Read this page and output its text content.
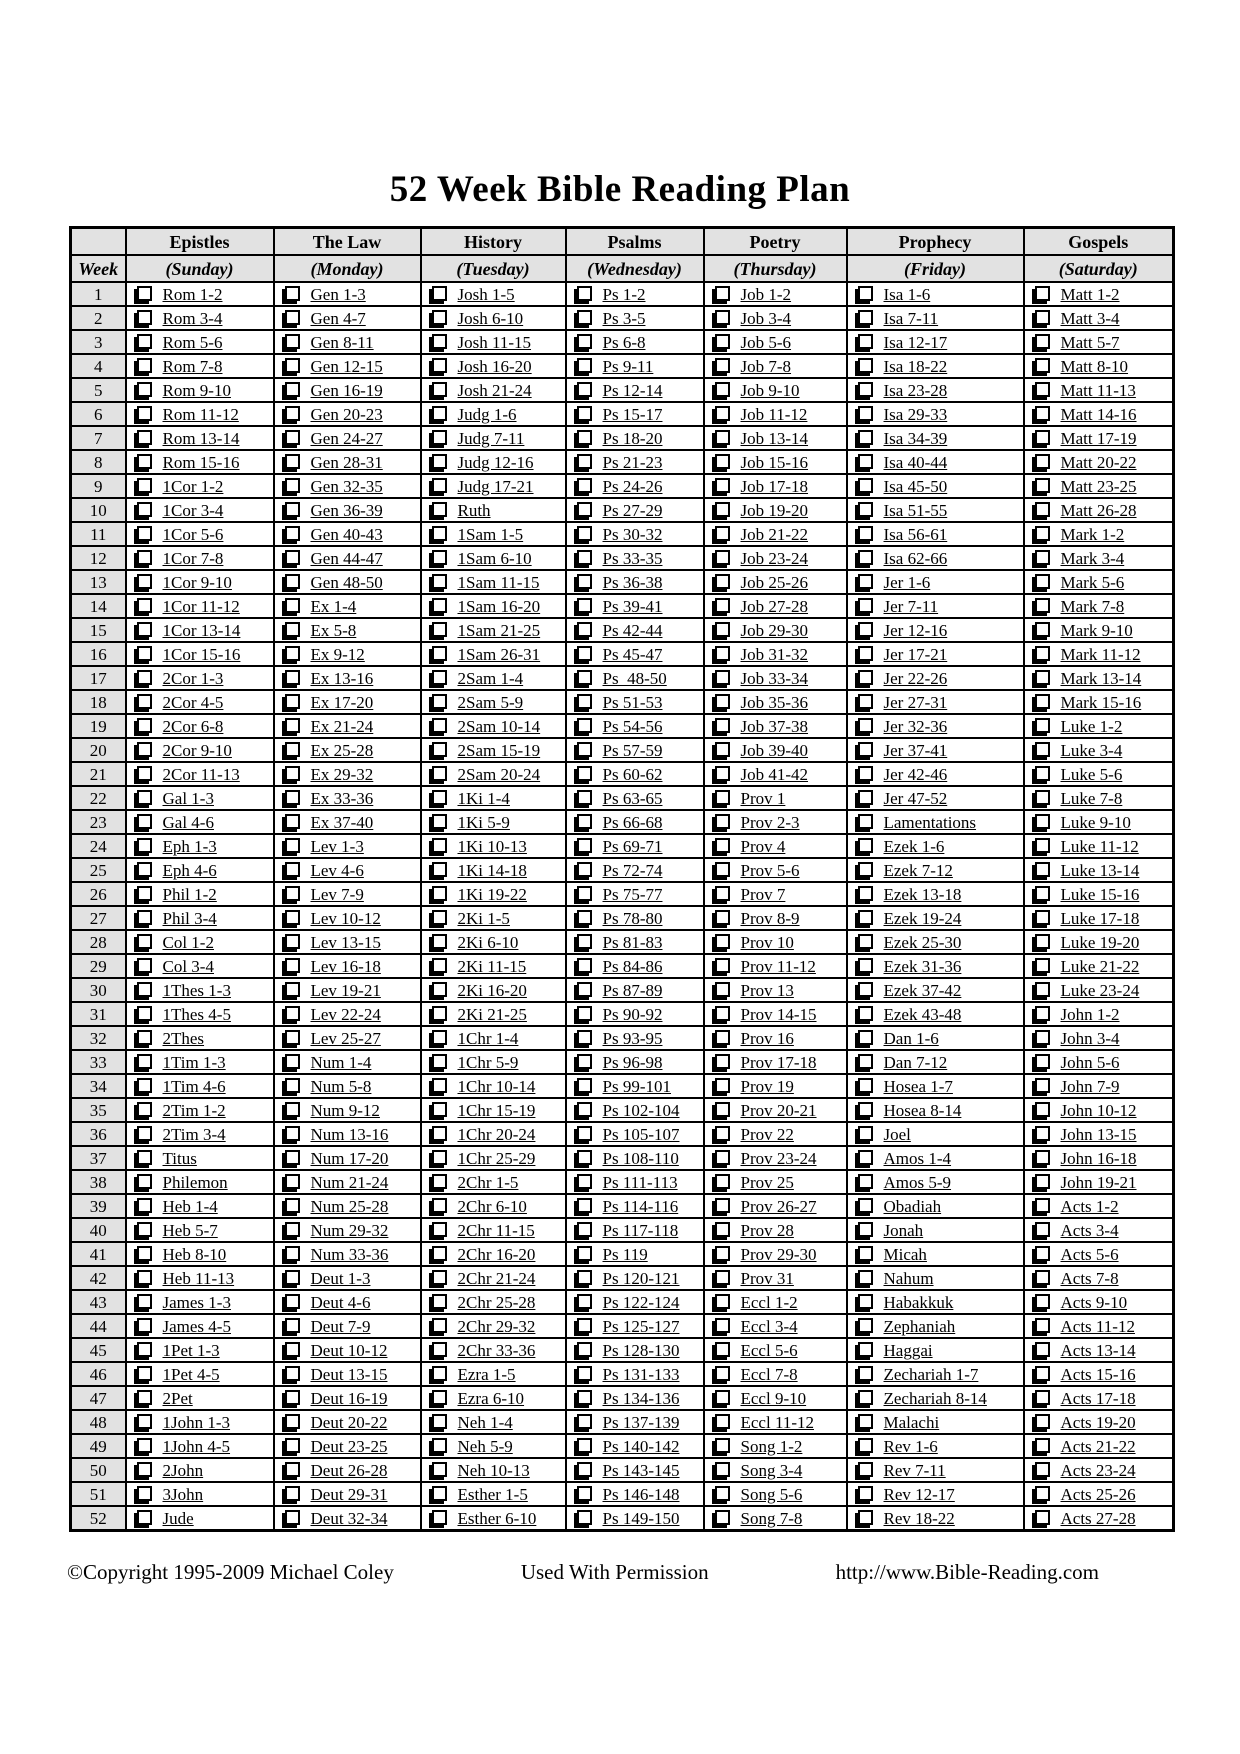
52 Week Bible Reading Plan
	Epistles	The Law	History	Psalms	Poetry	Prophecy	Gospels
Week	(Sunday)	(Monday)	(Tuesday)	(Wednesday)	(Thursday)	(Friday)	(Saturday)
1	Rom 1-2	Gen 1-3	Josh 1-5	Ps 1-2	Job 1-2	Isa 1-6	Matt 1-2
2	Rom 3-4	Gen 4-7	Josh 6-10	Ps 3-5	Job 3-4	Isa 7-11	Matt 3-4
3	Rom 5-6	Gen 8-11	Josh 11-15	Ps 6-8	Job 5-6	Isa 12-17	Matt 5-7
4	Rom 7-8	Gen 12-15	Josh 16-20	Ps 9-11	Job 7-8	Isa 18-22	Matt 8-10
5	Rom 9-10	Gen 16-19	Josh 21-24	Ps 12-14	Job 9-10	Isa 23-28	Matt 11-13
6	Rom 11-12	Gen 20-23	Judg 1-6	Ps 15-17	Job 11-12	Isa 29-33	Matt 14-16
7	Rom 13-14	Gen 24-27	Judg 7-11	Ps 18-20	Job 13-14	Isa 34-39	Matt 17-19
8	Rom 15-16	Gen 28-31	Judg 12-16	Ps 21-23	Job 15-16	Isa 40-44	Matt 20-22
9	1Cor 1-2	Gen 32-35	Judg 17-21	Ps 24-26	Job 17-18	Isa 45-50	Matt 23-25
10	1Cor 3-4	Gen 36-39	Ruth	Ps 27-29	Job 19-20	Isa 51-55	Matt 26-28
11	1Cor 5-6	Gen 40-43	1Sam 1-5	Ps 30-32	Job 21-22	Isa 56-61	Mark 1-2
12	1Cor 7-8	Gen 44-47	1Sam 6-10	Ps 33-35	Job 23-24	Isa 62-66	Mark 3-4
13	1Cor 9-10	Gen 48-50	1Sam 11-15	Ps 36-38	Job 25-26	Jer 1-6	Mark 5-6
14	1Cor 11-12	Ex 1-4	1Sam 16-20	Ps 39-41	Job 27-28	Jer 7-11	Mark 7-8
15	1Cor 13-14	Ex 5-8	1Sam 21-25	Ps 42-44	Job 29-30	Jer 12-16	Mark 9-10
16	1Cor 15-16	Ex 9-12	1Sam 26-31	Ps 45-47	Job 31-32	Jer 17-21	Mark 11-12
17	2Cor 1-3	Ex 13-16	2Sam 1-4	Ps  48-50	Job 33-34	Jer 22-26	Mark 13-14
18	2Cor 4-5	Ex 17-20	2Sam 5-9	Ps 51-53	Job 35-36	Jer 27-31	Mark 15-16
19	2Cor 6-8	Ex 21-24	2Sam 10-14	Ps 54-56	Job 37-38	Jer 32-36	Luke 1-2
20	2Cor 9-10	Ex 25-28	2Sam 15-19	Ps 57-59	Job 39-40	Jer 37-41	Luke 3-4
21	2Cor 11-13	Ex 29-32	2Sam 20-24	Ps 60-62	Job 41-42	Jer 42-46	Luke 5-6
22	Gal 1-3	Ex 33-36	1Ki 1-4	Ps 63-65	Prov 1	Jer 47-52	Luke 7-8
23	Gal 4-6	Ex 37-40	1Ki 5-9	Ps 66-68	Prov 2-3	Lamentations	Luke 9-10
24	Eph 1-3	Lev 1-3	1Ki 10-13	Ps 69-71	Prov 4	Ezek 1-6	Luke 11-12
25	Eph 4-6	Lev 4-6	1Ki 14-18	Ps 72-74	Prov 5-6	Ezek 7-12	Luke 13-14
26	Phil 1-2	Lev 7-9	1Ki 19-22	Ps 75-77	Prov 7	Ezek 13-18	Luke 15-16
27	Phil 3-4	Lev 10-12	2Ki 1-5	Ps 78-80	Prov 8-9	Ezek 19-24	Luke 17-18
28	Col 1-2	Lev 13-15	2Ki 6-10	Ps 81-83	Prov 10	Ezek 25-30	Luke 19-20
29	Col 3-4	Lev 16-18	2Ki 11-15	Ps 84-86	Prov 11-12	Ezek 31-36	Luke 21-22
30	1Thes 1-3	Lev 19-21	2Ki 16-20	Ps 87-89	Prov 13	Ezek 37-42	Luke 23-24
31	1Thes 4-5	Lev 22-24	2Ki 21-25	Ps 90-92	Prov 14-15	Ezek 43-48	John 1-2
32	2Thes	Lev 25-27	1Chr 1-4	Ps 93-95	Prov 16	Dan 1-6	John 3-4
33	1Tim 1-3	Num 1-4	1Chr 5-9	Ps 96-98	Prov 17-18	Dan 7-12	John 5-6
34	1Tim 4-6	Num 5-8	1Chr 10-14	Ps 99-101	Prov 19	Hosea 1-7	John 7-9
35	2Tim 1-2	Num 9-12	1Chr 15-19	Ps 102-104	Prov 20-21	Hosea 8-14	John 10-12
36	2Tim 3-4	Num 13-16	1Chr 20-24	Ps 105-107	Prov 22	Joel	John 13-15
37	Titus	Num 17-20	1Chr 25-29	Ps 108-110	Prov 23-24	Amos 1-4	John 16-18
38	Philemon	Num 21-24	2Chr 1-5	Ps 111-113	Prov 25	Amos 5-9	John 19-21
39	Heb 1-4	Num 25-28	2Chr 6-10	Ps 114-116	Prov 26-27	Obadiah	Acts 1-2
40	Heb 5-7	Num 29-32	2Chr 11-15	Ps 117-118	Prov 28	Jonah	Acts 3-4
41	Heb 8-10	Num 33-36	2Chr 16-20	Ps 119	Prov 29-30	Micah	Acts 5-6
42	Heb 11-13	Deut 1-3	2Chr 21-24	Ps 120-121	Prov 31	Nahum	Acts 7-8
43	James 1-3	Deut 4-6	2Chr 25-28	Ps 122-124	Eccl 1-2	Habakkuk	Acts 9-10
44	James 4-5	Deut 7-9	2Chr 29-32	Ps 125-127	Eccl 3-4	Zephaniah	Acts 11-12
45	1Pet 1-3	Deut 10-12	2Chr 33-36	Ps 128-130	Eccl 5-6	Haggai	Acts 13-14
46	1Pet 4-5	Deut 13-15	Ezra 1-5	Ps 131-133	Eccl 7-8	Zechariah 1-7	Acts 15-16
47	2Pet	Deut 16-19	Ezra 6-10	Ps 134-136	Eccl 9-10	Zechariah 8-14	Acts 17-18
48	1John 1-3	Deut 20-22	Neh 1-4	Ps 137-139	Eccl 11-12	Malachi	Acts 19-20
49	1John 4-5	Deut 23-25	Neh 5-9	Ps 140-142	Song 1-2	Rev 1-6	Acts 21-22
50	2John	Deut 26-28	Neh 10-13	Ps 143-145	Song 3-4	Rev 7-11	Acts 23-24
51	3John	Deut 29-31	Esther 1-5	Ps 146-148	Song 5-6	Rev 12-17	Acts 25-26
52	Jude	Deut 32-34	Esther 6-10	Ps 149-150	Song 7-8	Rev 18-22	Acts 27-28
©Copyright 1995-2009 Michael Coley	Used With Permission	http://www.Bible-Reading.com
